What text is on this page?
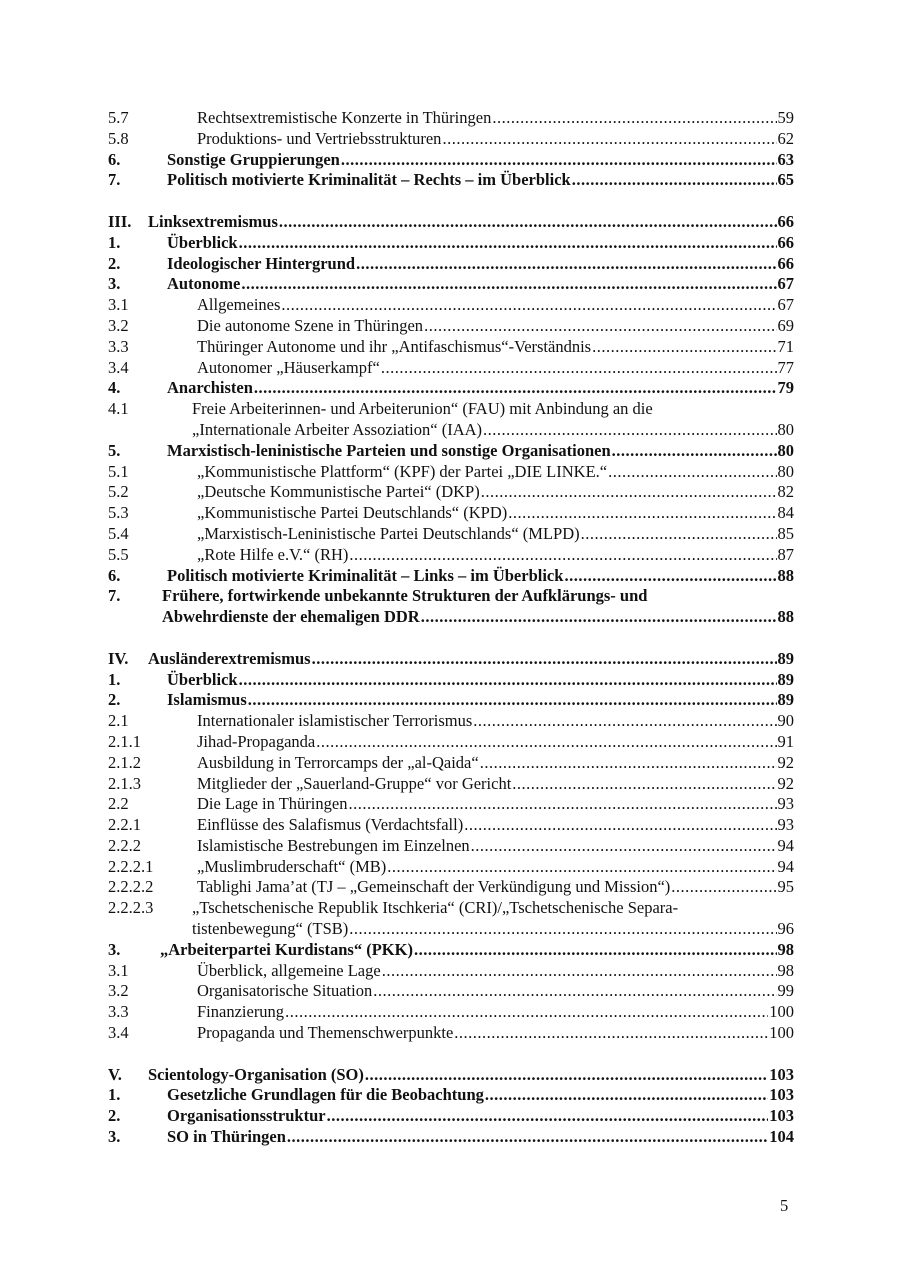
5.7	Rechtsextremistische Konzerte in Thüringen .....	59
5.8	Produktions- und Vertriebsstrukturen .....	62
6.	Sonstige Gruppierungen .....	63
7.	Politisch motivierte Kriminalität – Rechts – im Überblick .....	65
III. Linksextremismus .....	66
1.	Überblick .....	66
2.	Ideologischer Hintergrund .....	66
3.	Autonome .....	67
3.1	Allgemeines .....	67
3.2	Die autonome Szene in Thüringen .....	69
3.3	Thüringer Autonome und ihr „Antifaschismus“-Verständnis .....	71
3.4	Autonomer „Häuserkampf“ .....	77
4.	Anarchisten .....	79
4.1	Freie Arbeiterinnen- und Arbeiterunion“ (FAU) mit Anbindung an die
„Internationale Arbeiter Assoziation“ (IAA) .....	80
5.	Marxistisch-leninistische Parteien und sonstige Organisationen .....	80
5.1	„Kommunistische Plattform“ (KPF) der Partei „DIE LINKE.“ .....	80
5.2	„Deutsche Kommunistische Partei“ (DKP) .....	82
5.3	„Kommunistische Partei Deutschlands“ (KPD) .....	84
5.4	„Marxistisch-Leninistische Partei Deutschlands“ (MLPD) .....	85
5.5	„Rote Hilfe e.V.“ (RH) .....	87
6.	Politisch motivierte Kriminalität – Links – im Überblick .....	88
7.	Frühere, fortwirkende unbekannte Strukturen der Aufklärungs- und
Abwehrdienste der ehemaligen DDR .....	88
IV. Ausländerextremismus .....	89
1.	Überblick .....	89
2.	Islamismus .....	89
2.1	Internationaler islamistischer Terrorismus .....	90
2.1.1	Jihad-Propaganda .....	91
2.1.2	Ausbildung in Terrorcamps der „al-Qaida“ .....	92
2.1.3	Mitglieder der „Sauerland-Gruppe“ vor Gericht .....	92
2.2	Die Lage in Thüringen .....	93
2.2.1	Einflüsse des Salafismus (Verdachtsfall) .....	93
2.2.2	Islamistische Bestrebungen im Einzelnen .....	94
2.2.2.1	„Muslimbruderschaft“ (MB) .....	94
2.2.2.2	Tablighi Jama’at (TJ – „Gemeinschaft der Verkündigung und Mission“) .....	95
2.2.2.3 „Tschetschenische Republik Itschkeria“ (CRI)/„Tschetschenische Separa-
tistenbewegung“ (TSB) .....	96
3. „Arbeiterpartei Kurdistans“ (PKK) .....	98
3.1	Überblick, allgemeine Lage .....	98
3.2	Organisatorische Situation .....	99
3.3	Finanzierung .....	100
3.4	Propaganda und Themenschwerpunkte .....	100
V. Scientology-Organisation (SO) .....	103
1.	Gesetzliche Grundlagen für die Beobachtung .....	103
2.	Organisationsstruktur .....	103
3.	SO in Thüringen .....	104
5
